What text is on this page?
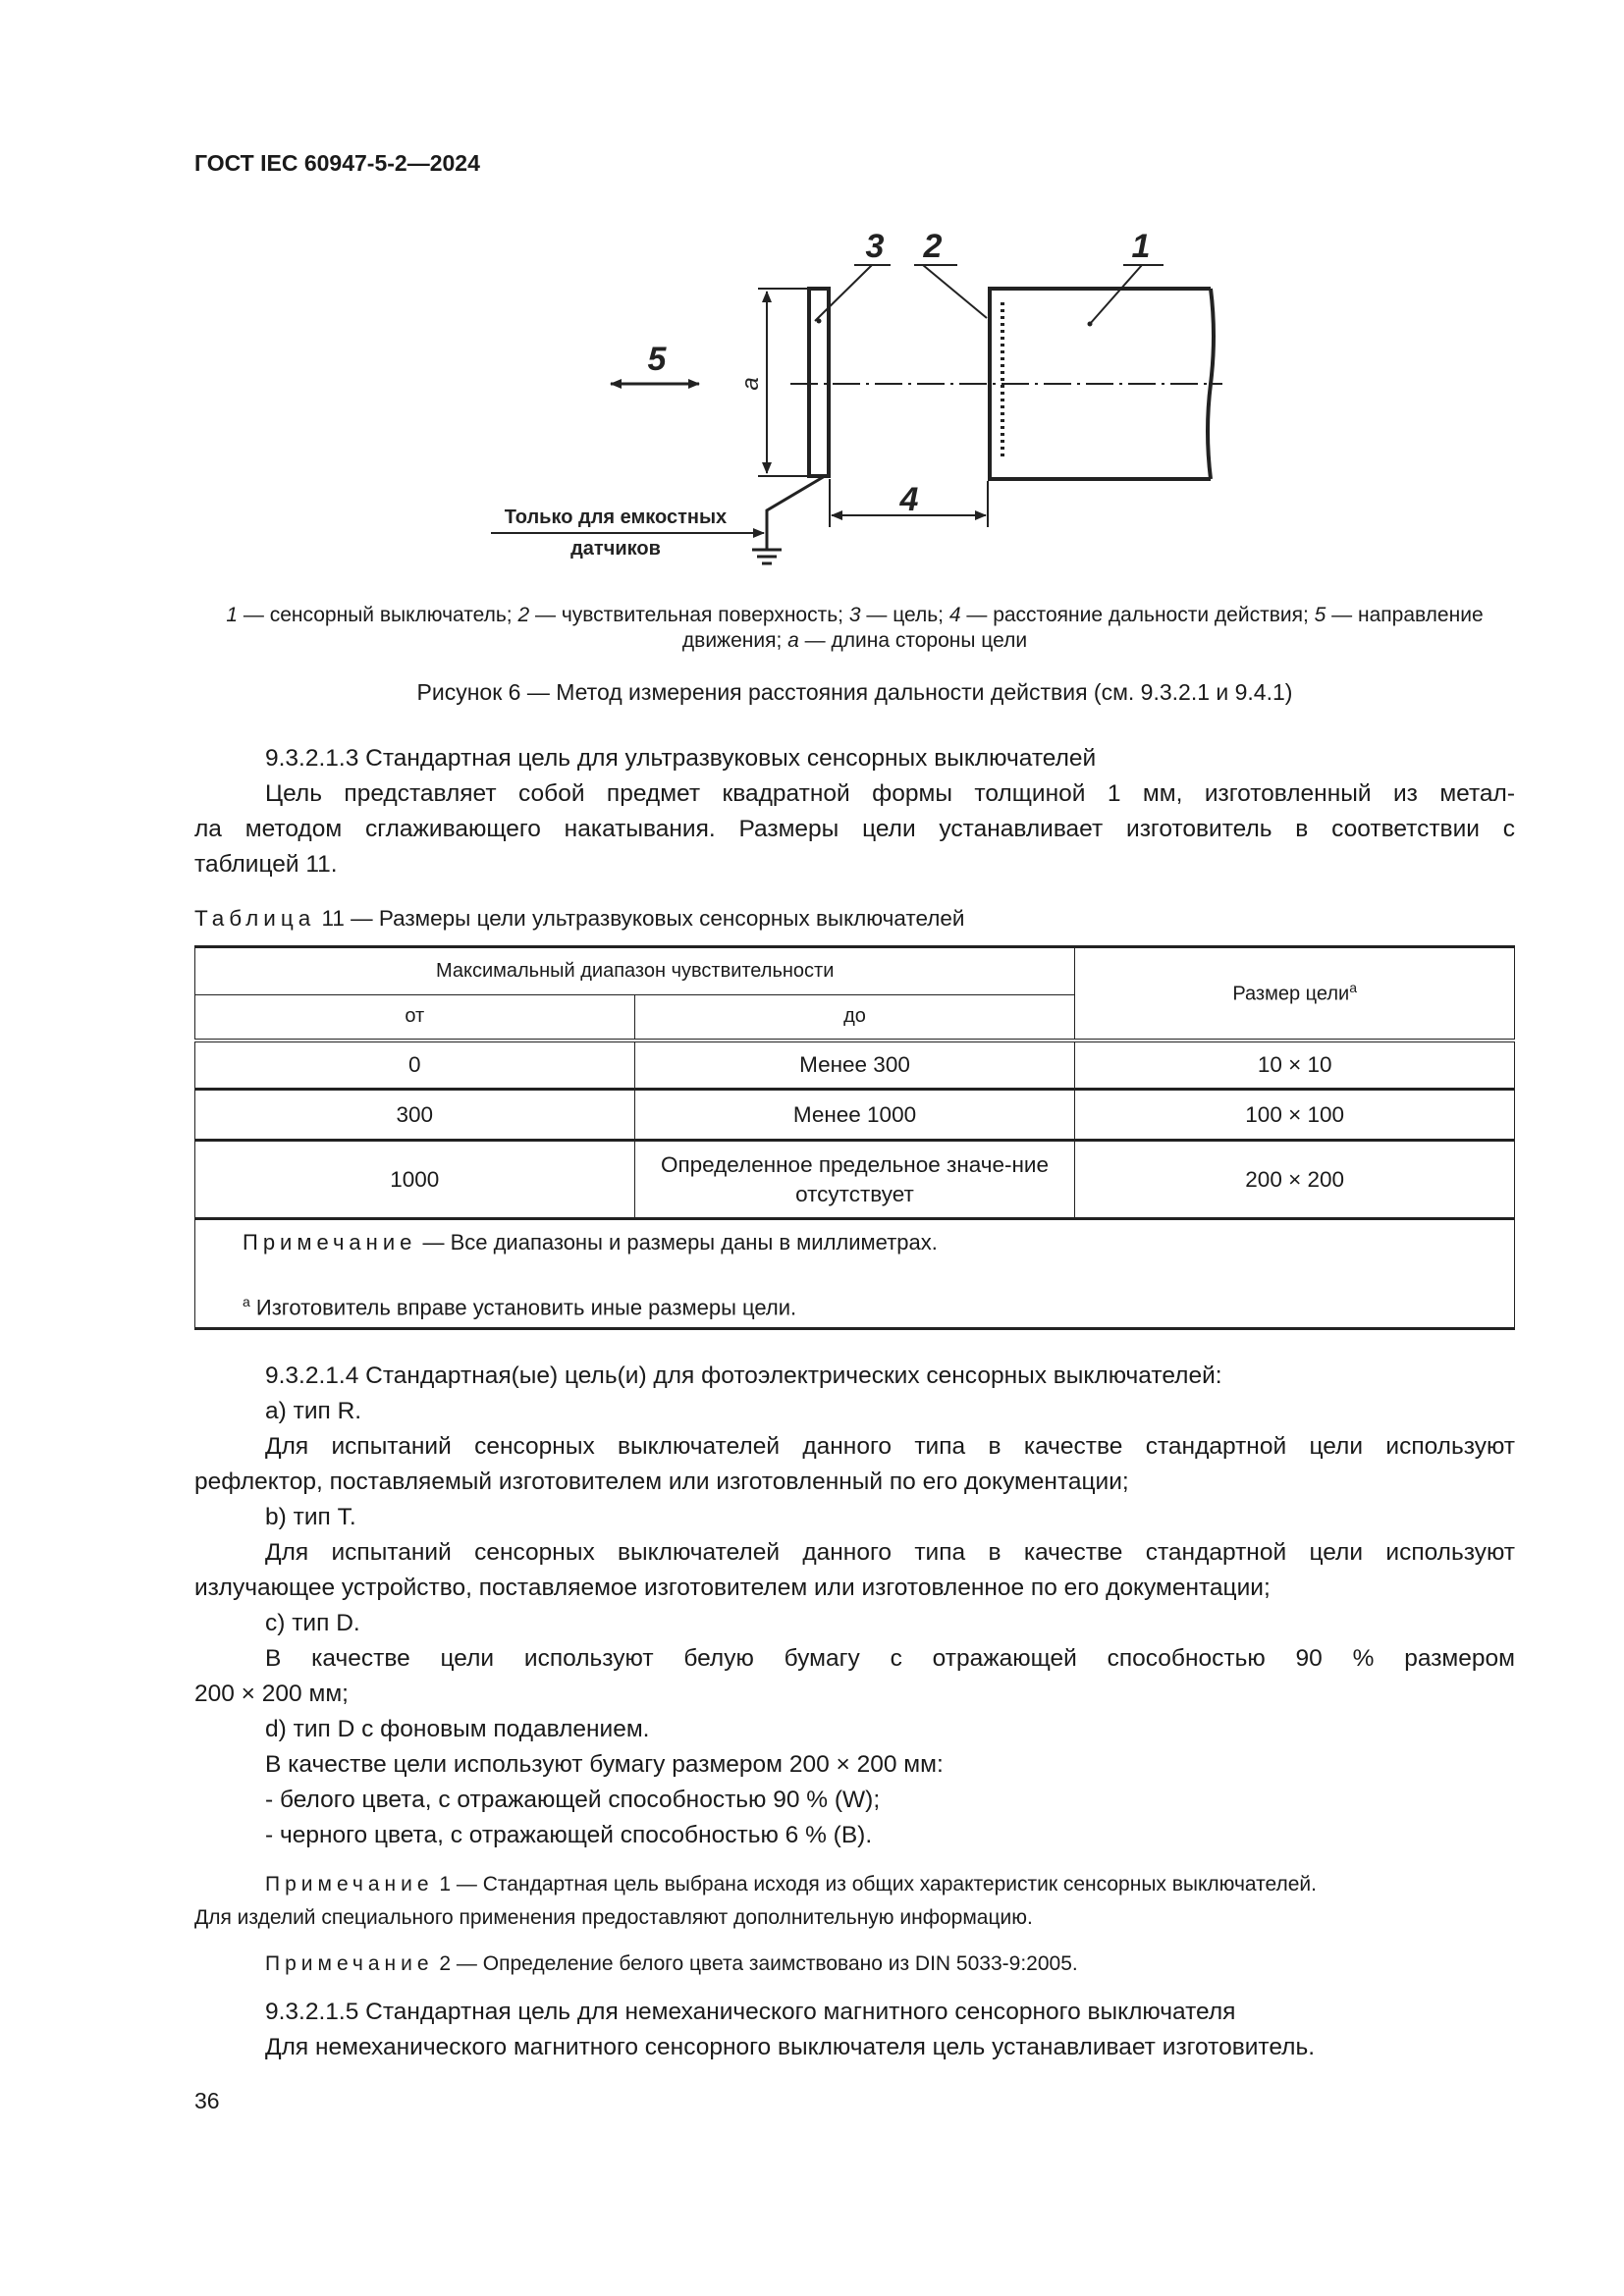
ГОСТ IEC 60947-5-2—2024
3 2	1
5
4
a
Только для емкостных
датчиков
1 — сенсорный выключатель; 2 — чувствительная поверхность; 3 — цель; 4 — расстояние дальности действия; 5 — направление
движения; a — длина стороны цели
Рисунок 6 — Метод измерения расстояния дальности действия (см. 9.3.2.1 и 9.4.1)
9.3.2.1.3 Стандартная цель для ультразвуковых сенсорных выключателей
Цель представляет собой предмет квадратной формы толщиной 1 мм, изготовленный из метал-
ла методом сглаживающего накатывания. Размеры цели устанавливает изготовитель в соответствии с
таблицей 11.
Таблица 11 — Размеры цели ультразвуковых сенсорных выключателей
Максимальный диапазон чувствительности		Размер цели$^a$
от	до	
0	Менее 300	10 × 10
300	Менее 1000	100 × 100
1000	Определенное предельное значе-ние отсутствует	200 × 200

Примечание — Все диапазоны и размеры даны в миллиметрах.
$^a$ Изготовитель вправе установить иные размеры цели.		
9.3.2.1.4 Стандартная(ые) цель(и) для фотоэлектрических сенсорных выключателей:
a) тип R.
Для испытаний сенсорных выключателей данного типа в качестве стандартной цели используют
рефлектор, поставляемый изготовителем или изготовленный по его документации;
b) тип T.
Для испытаний сенсорных выключателей данного типа в качестве стандартной цели используют
излучающее устройство, поставляемое изготовителем или изготовленное по его документации;
c) тип D.
В качестве цели используют белую бумагу с отражающей способностью 90 % размером
200 × 200 мм;
d) тип D с фоновым подавлением.
В качестве цели используют бумагу размером 200 × 200 мм:
- белого цвета, с отражающей способностью 90 % (W);
- черного цвета, с отражающей способностью 6 % (B).
Примечание 1 — Стандартная цель выбрана исходя из общих характеристик сенсорных выключателей.
Для изделий специального применения предоставляют дополнительную информацию.
Примечание 2 — Определение белого цвета заимствовано из DIN 5033-9:2005.
9.3.2.1.5 Стандартная цель для немеханического магнитного сенсорного выключателя
Для немеханического магнитного сенсорного выключателя цель устанавливает изготовитель.
36
